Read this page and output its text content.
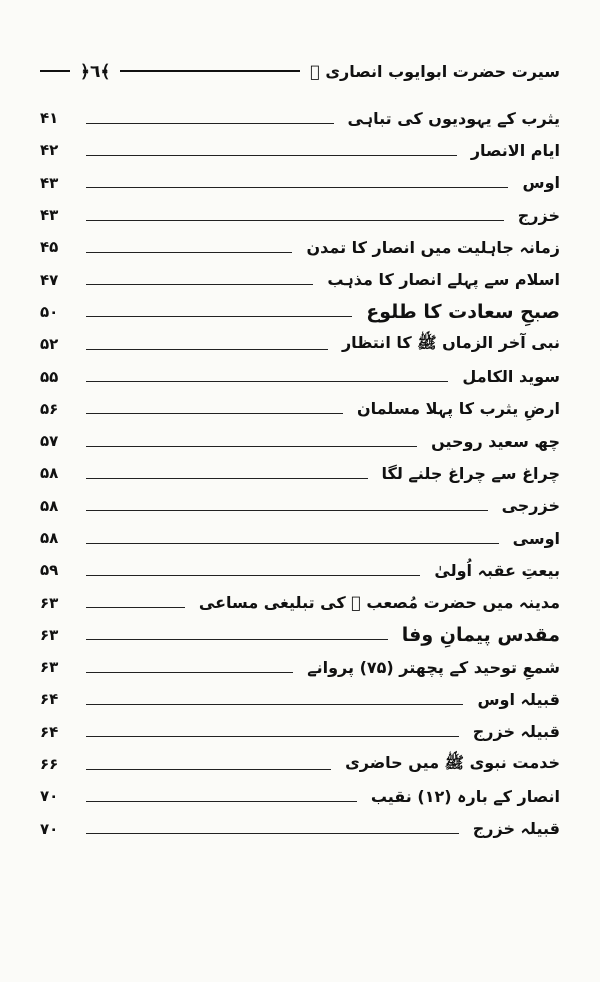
﴿٦﴾	سیرت حضرت ابوایوب انصاری ﷛
یثرب کے یہودیوں کی تباہی
۴۱
ایام الانصار
۴۲
اوس
۴۳
خزرج
۴۳
زمانہ جاہلیت میں انصار کا تمدن
۴۵
اسلام سے پہلے انصار کا مذہب
۴۷
صبحِ سعادت کا طلوع
۵۰
نبی آخر الزماں ﷺ کا انتظار
۵۲
سوید الکامل
۵۵
ارضِ یثرب کا پہلا مسلمان
۵۶
چھ سعید روحیں
۵۷
چراغ سے چراغ جلنے لگا
۵۸
خزرجی
۵۸
اوسی
۵۸
بیعتِ عقبہ اُولیٰ
۵۹
مدینہ میں حضرت مُصعب ﷛ کی تبلیغی مساعی
۶۳
مقدس پیمانِ وفا
۶۳
شمعِ توحید کے پچھتر (۷۵) پروانے
۶۳
قبیلہ اوس
۶۴
قبیلہ خزرج
۶۴
خدمت نبوی ﷺ میں حاضری
۶۶
انصار کے بارہ (۱۲) نقیب
۷۰
قبیلہ خزرج
۷۰
